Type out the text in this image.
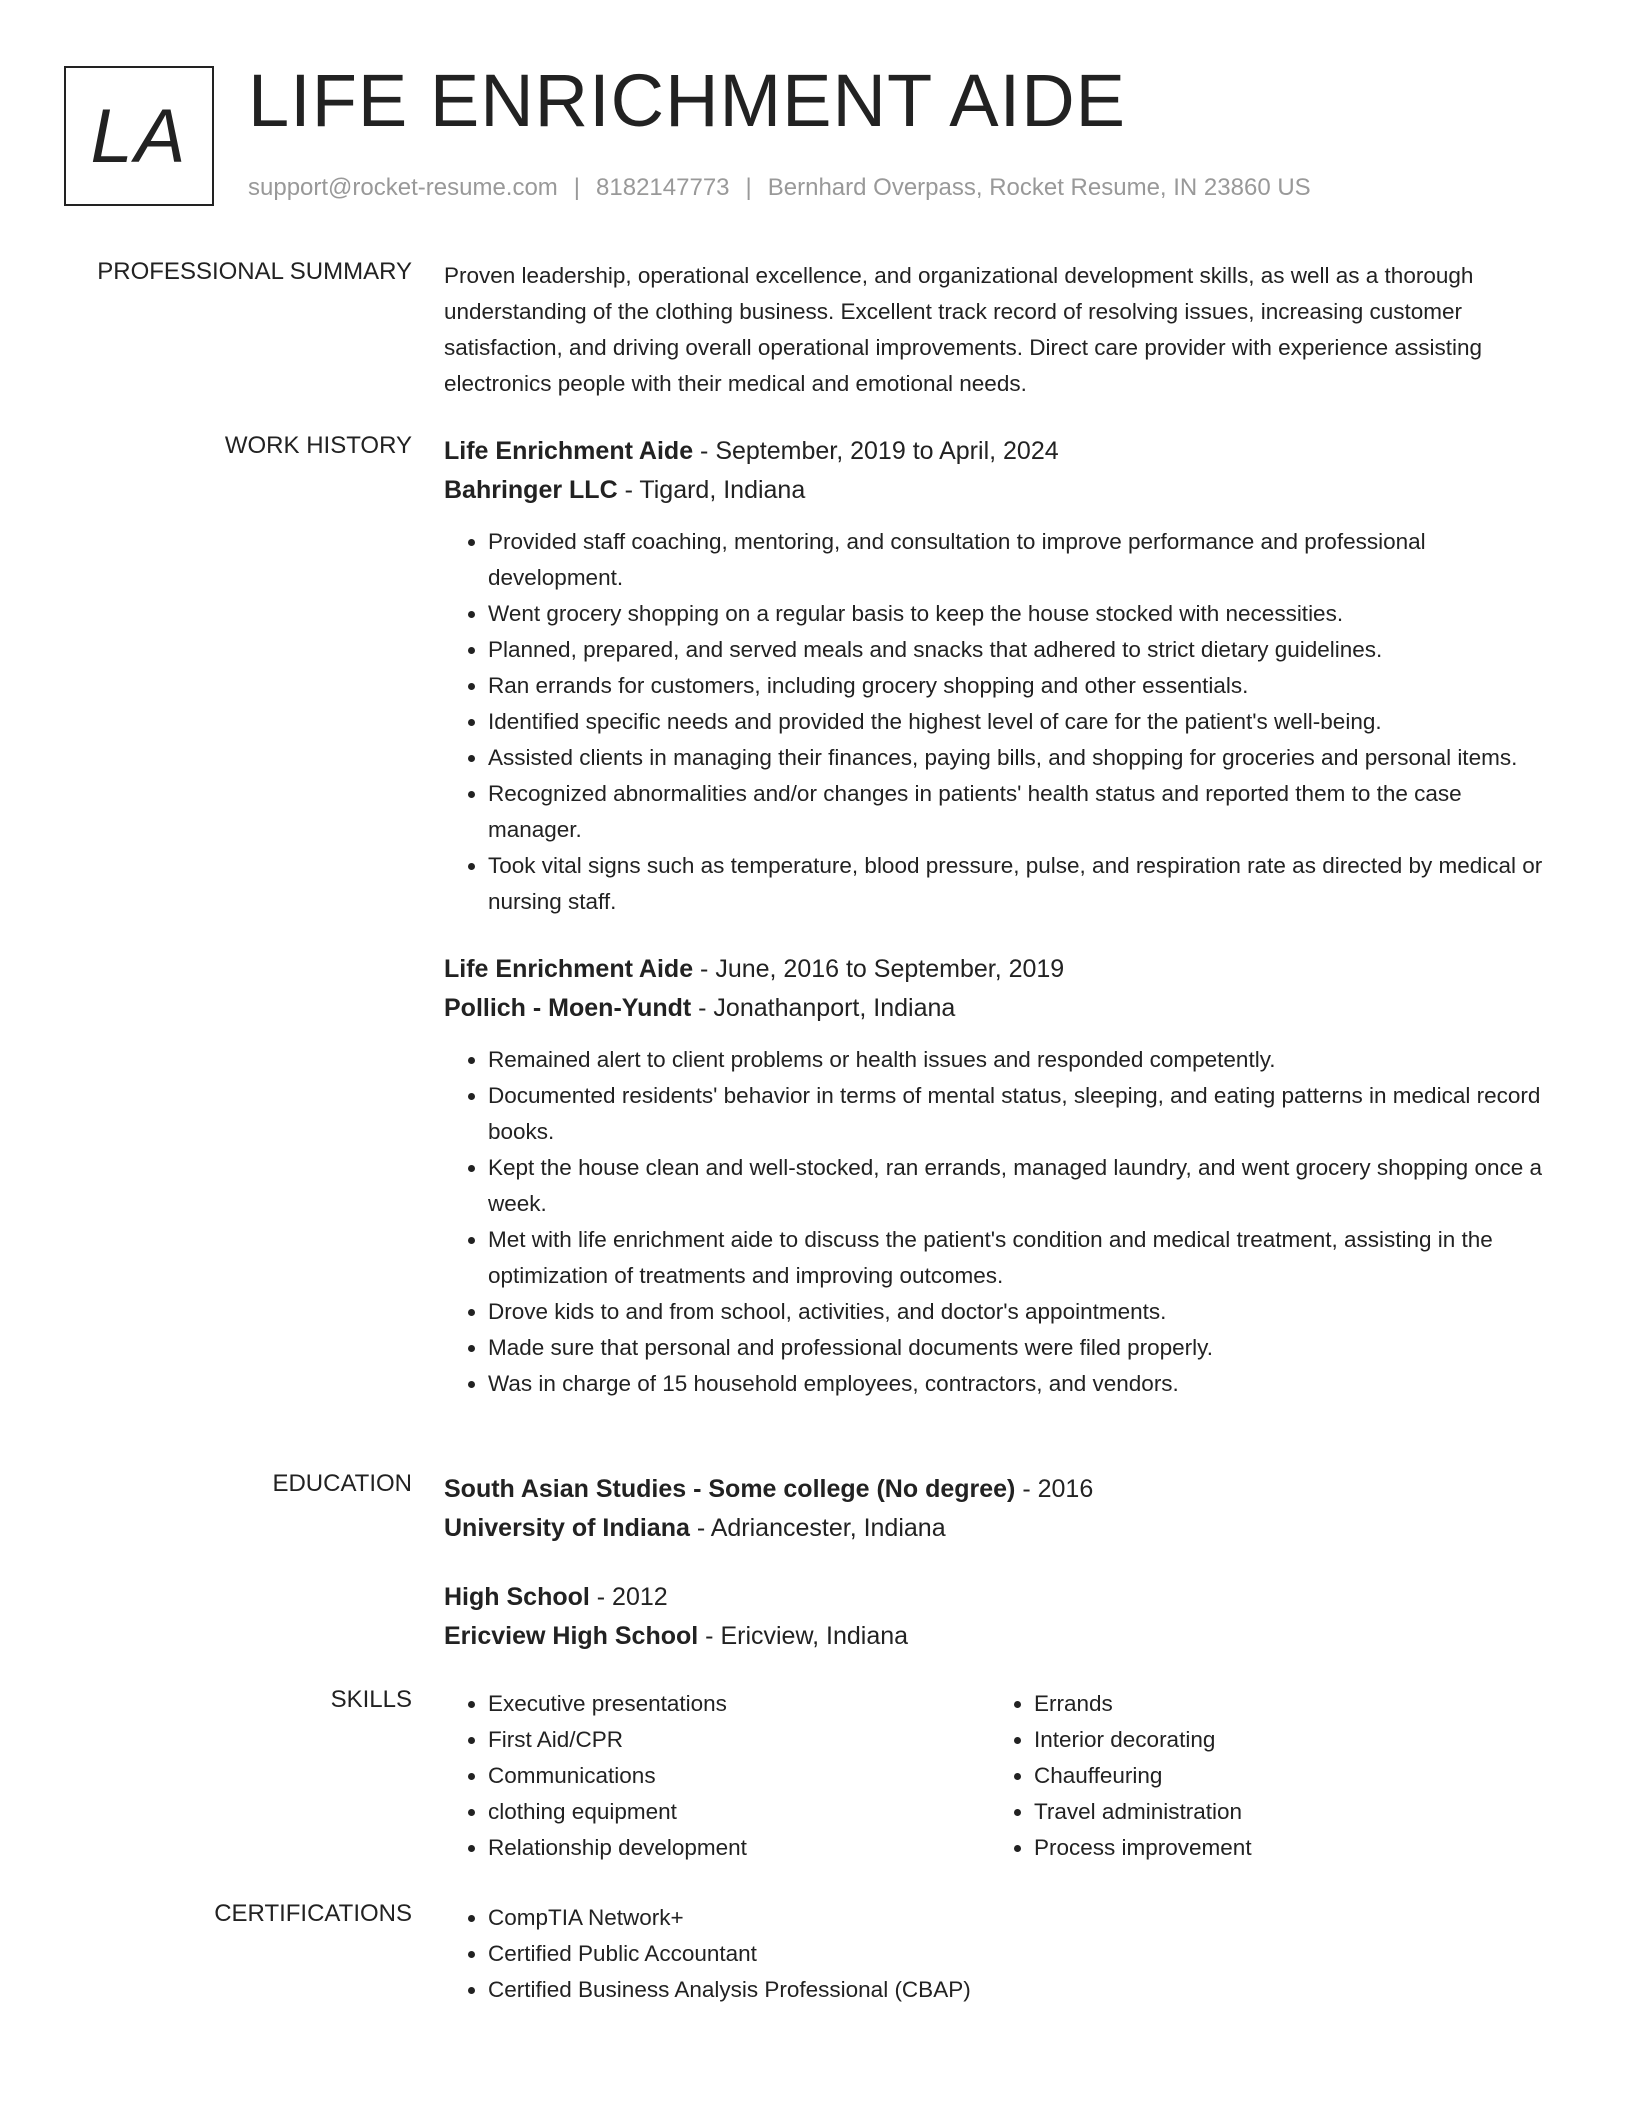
LA LIFE ENRICHMENT AIDE
support@rocket-resume.com | 8182147773 | Bernhard Overpass, Rocket Resume, IN 23860 US
PROFESSIONAL SUMMARY Proven leadership, operational excellence, and organizational development skills, as well as a thorough understanding of the clothing business. Excellent track record of resolving issues, increasing customer satisfaction, and driving overall operational improvements. Direct care provider with experience assisting electronics people with their medical and emotional needs.

WORK HISTORY Life Enrichment Aide - September, 2019 to April, 2024
Bahringer LLC - Tigard, Indiana
• Provided staff coaching, mentoring, and consultation to improve performance and professional development.
• Went grocery shopping on a regular basis to keep the house stocked with necessities.
• Planned, prepared, and served meals and snacks that adhered to strict dietary guidelines.
• Ran errands for customers, including grocery shopping and other essentials.
• Identified specific needs and provided the highest level of care for the patient's well-being.
• Assisted clients in managing their finances, paying bills, and shopping for groceries and personal items.
• Recognized abnormalities and/or changes in patients' health status and reported them to the case manager.
• Took vital signs such as temperature, blood pressure, pulse, and respiration rate as directed by medical or nursing staff.
Life Enrichment Aide - June, 2016 to September, 2019
Pollich - Moen-Yundt - Jonathanport, Indiana
• Remained alert to client problems or health issues and responded competently.
• Documented residents' behavior in terms of mental status, sleeping, and eating patterns in medical record books.
• Kept the house clean and well-stocked, ran errands, managed laundry, and went grocery shopping once a week.
• Met with life enrichment aide to discuss the patient's condition and medical treatment, assisting in the optimization of treatments and improving outcomes.
• Drove kids to and from school, activities, and doctor's appointments.
• Made sure that personal and professional documents were filed properly.
• Was in charge of 15 household employees, contractors, and vendors.
EDUCATION South Asian Studies - Some college (No degree) - 2016
University of Indiana - Adriancester, Indiana
High School - 2012
Ericview High School - Ericview, Indiana
SKILLS	• Executive presentations
• First Aid/CPR
• Communications
• clothing equipment
• Relationship development
• Errands
• Interior decorating
• Chauffeuring
• Travel administration
• Process improvement
CERTIFICATIONS	• CompTIA Network+
• Certified Public Accountant
• Certified Business Analysis Professional (CBAP)
